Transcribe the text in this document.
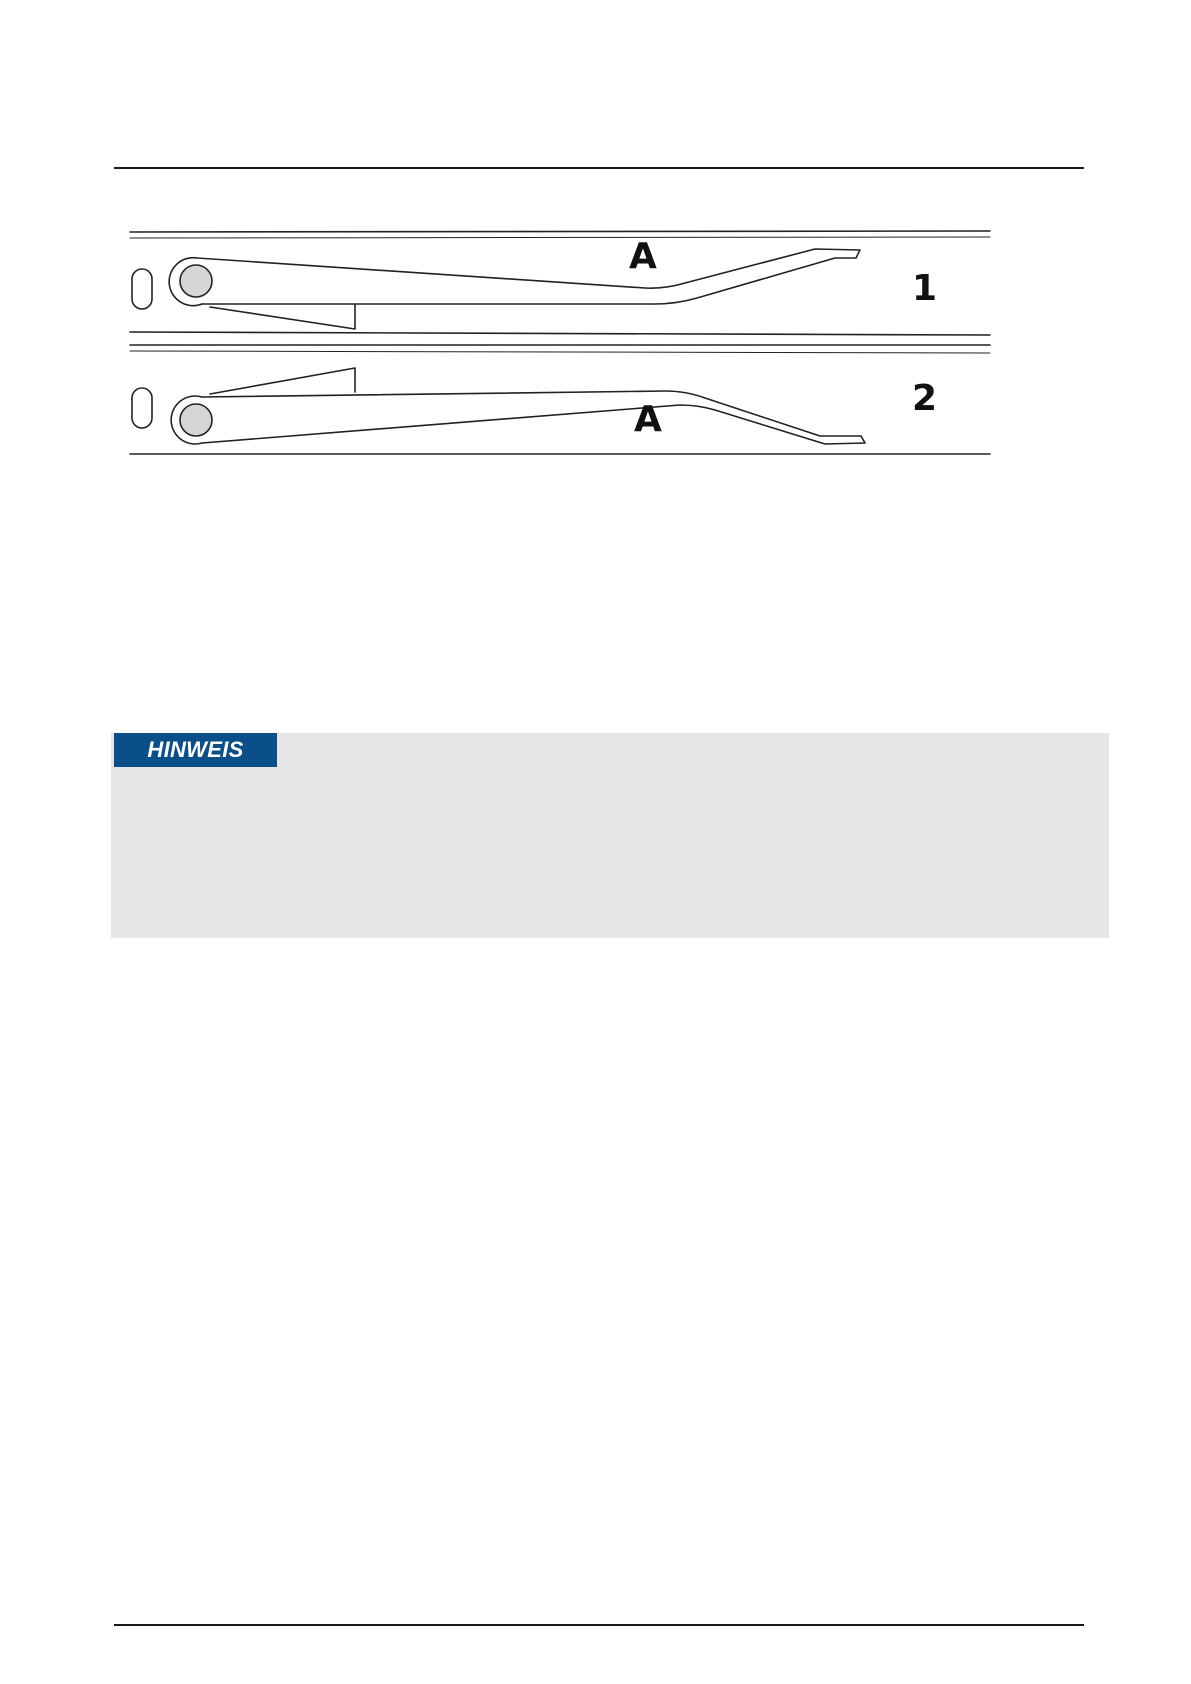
A
A
1
2
HINWEIS
